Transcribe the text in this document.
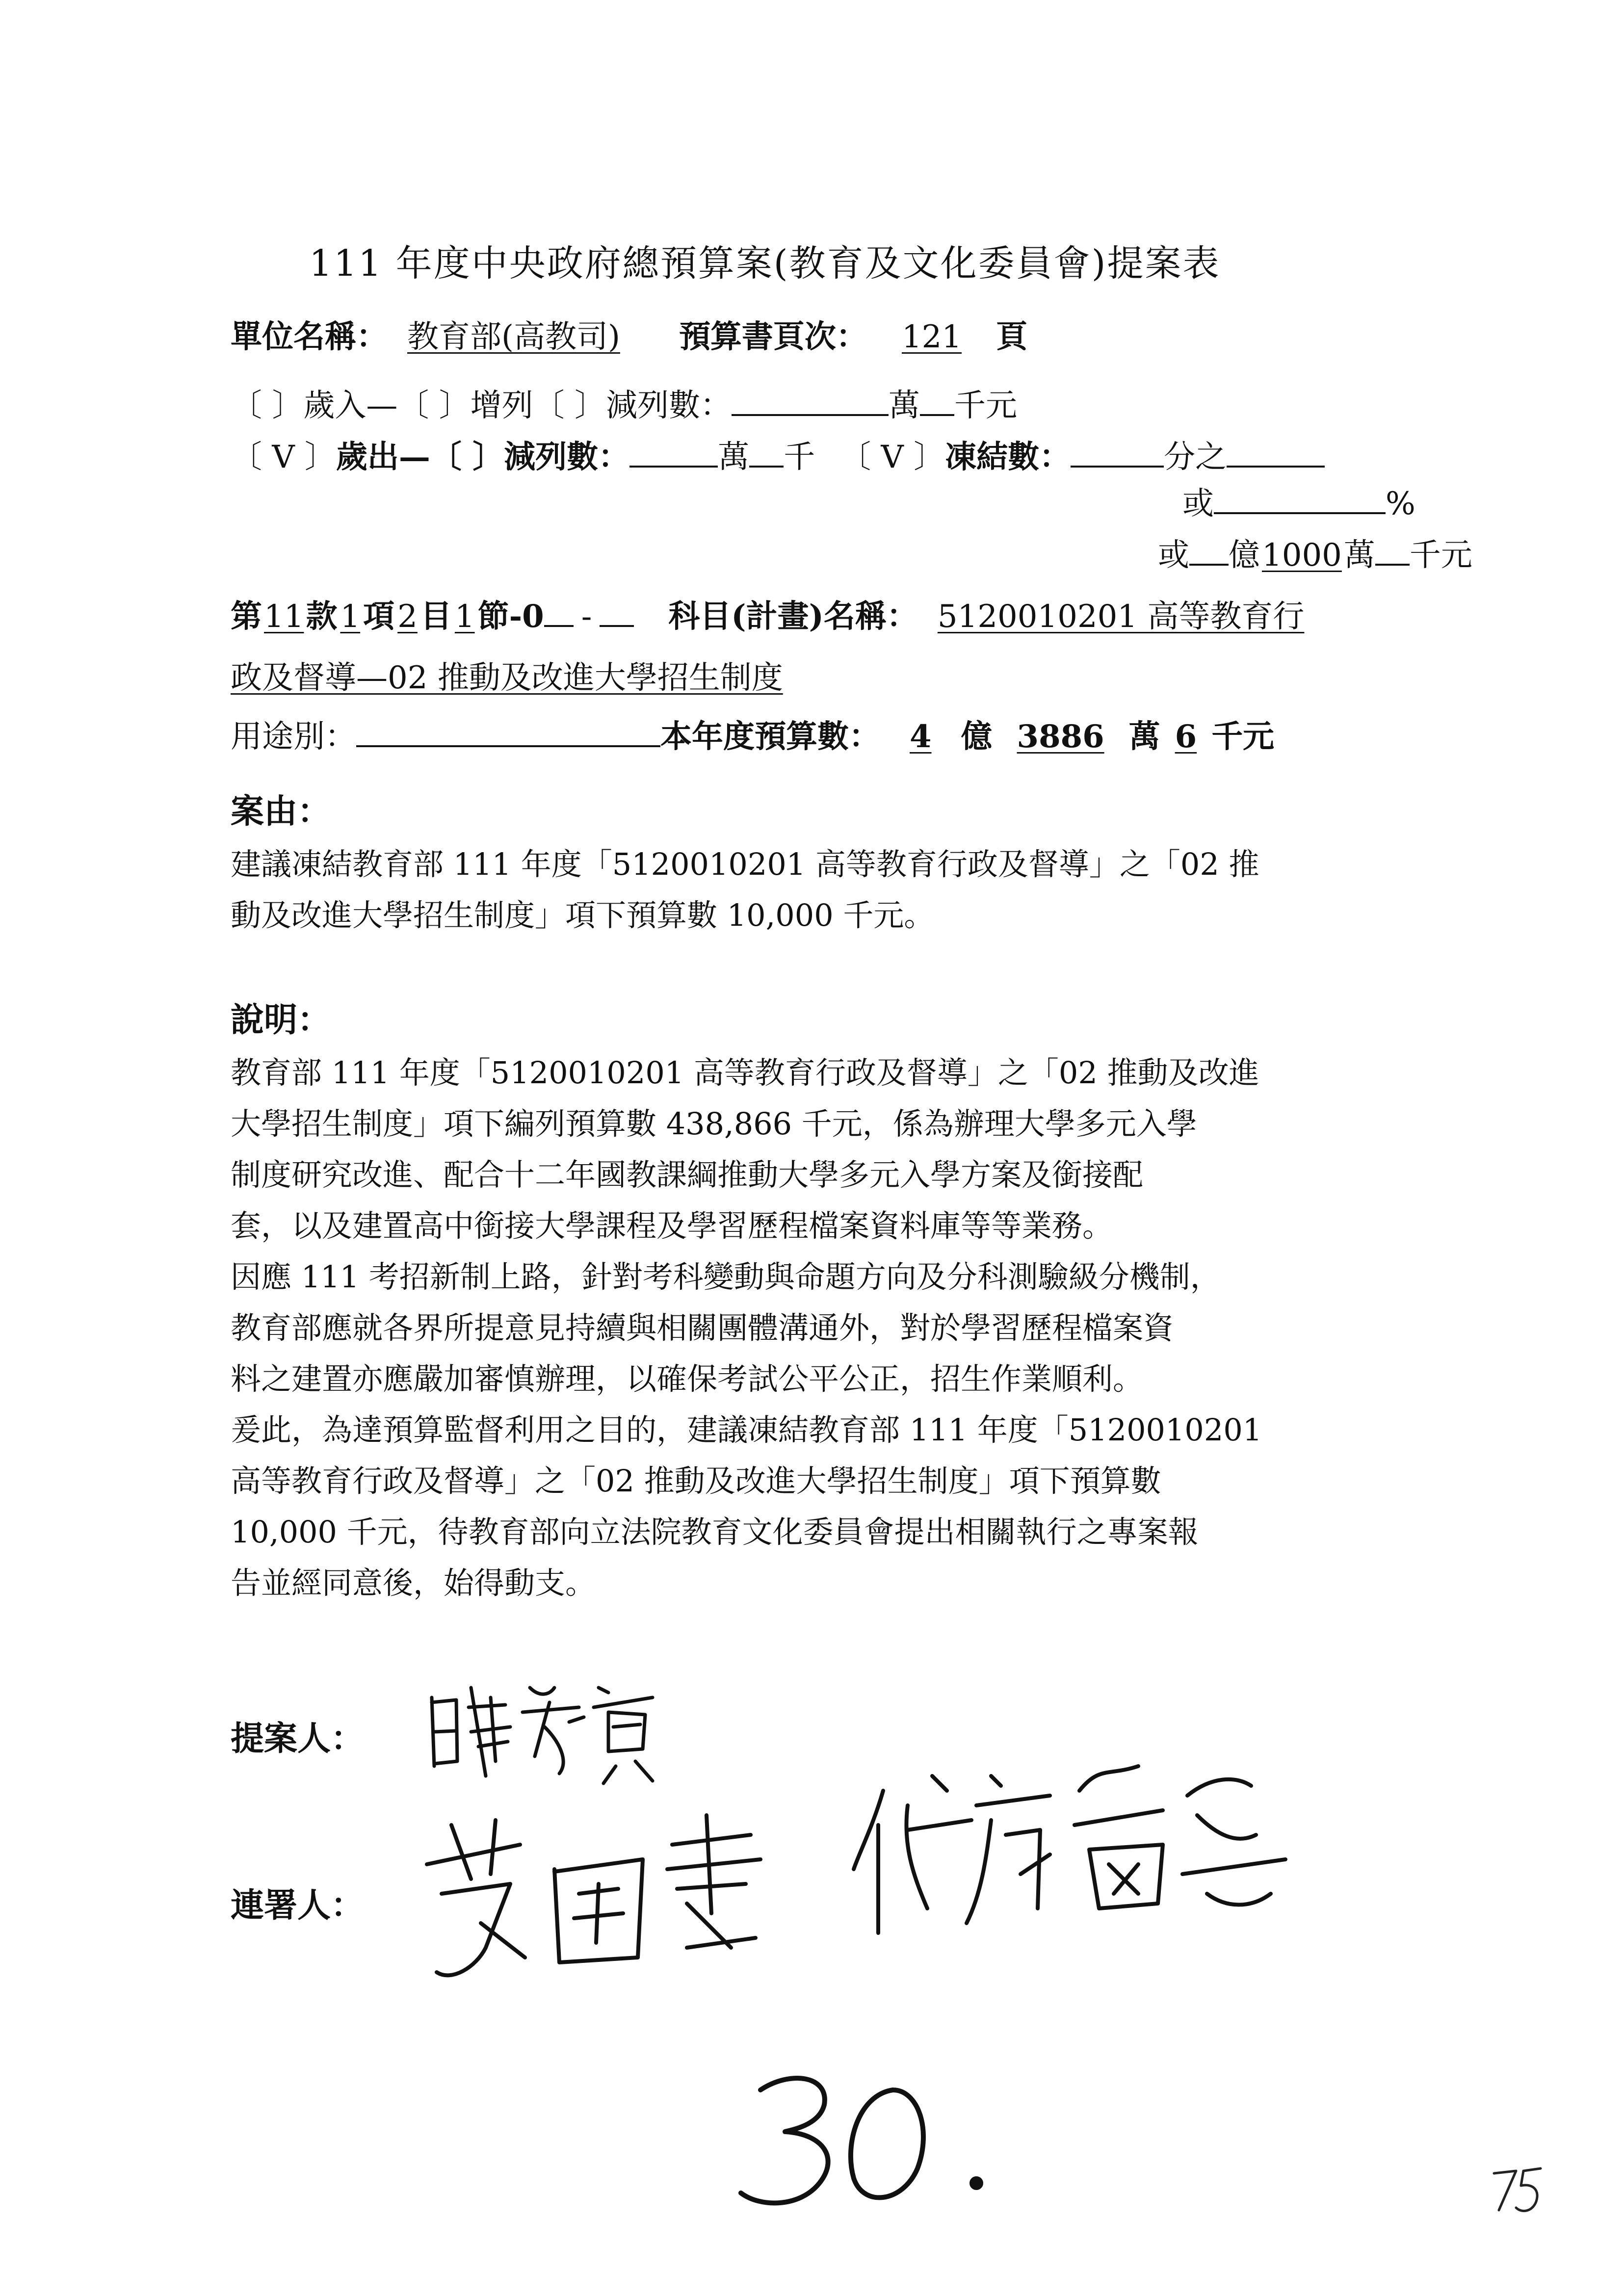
111 年度中央政府總預算案(教育及文化委員會)提案表
單位名稱： 教育部(高教司) 預算書頁次： 121 頁
〔 〕歲入—〔 〕增列〔 〕減列數：	萬 千元
〔 V 〕歲出—〔 〕減列數：	萬 千 〔 V 〕凍結數：	分之
或	%
或 億1000萬 千元
第11款1項2目1節-0 - 科目(計畫)名稱： 5120010201 高等教育行
政及督導—02 推動及改進大學招生制度
用途別：	本年度預算數： 4 億 3886 萬 6 千元
案由：
建議凍結教育部 111 年度「5120010201 高等教育行政及督導」之「02 推
動及改進大學招生制度」項下預算數 10,000 千元。
說明：
教育部 111 年度「5120010201 高等教育行政及督導」之「02 推動及改進
大學招生制度」項下編列預算數 438,866 千元，係為辦理大學多元入學
制度研究改進、配合十二年國教課綱推動大學多元入學方案及銜接配
套，以及建置高中銜接大學課程及學習歷程檔案資料庫等等業務。
因應 111 考招新制上路，針對考科變動與命題方向及分科測驗級分機制，
教育部應就各界所提意見持續與相關團體溝通外，對於學習歷程檔案資
料之建置亦應嚴加審慎辦理，以確保考試公平公正，招生作業順利。
爰此，為達預算監督利用之目的，建議凍結教育部 111 年度「5120010201
高等教育行政及督導」之「02 推動及改進大學招生制度」項下預算數
10,000 千元，待教育部向立法院教育文化委員會提出相關執行之專案報
告並經同意後，始得動支。
提案人：
連署人：
